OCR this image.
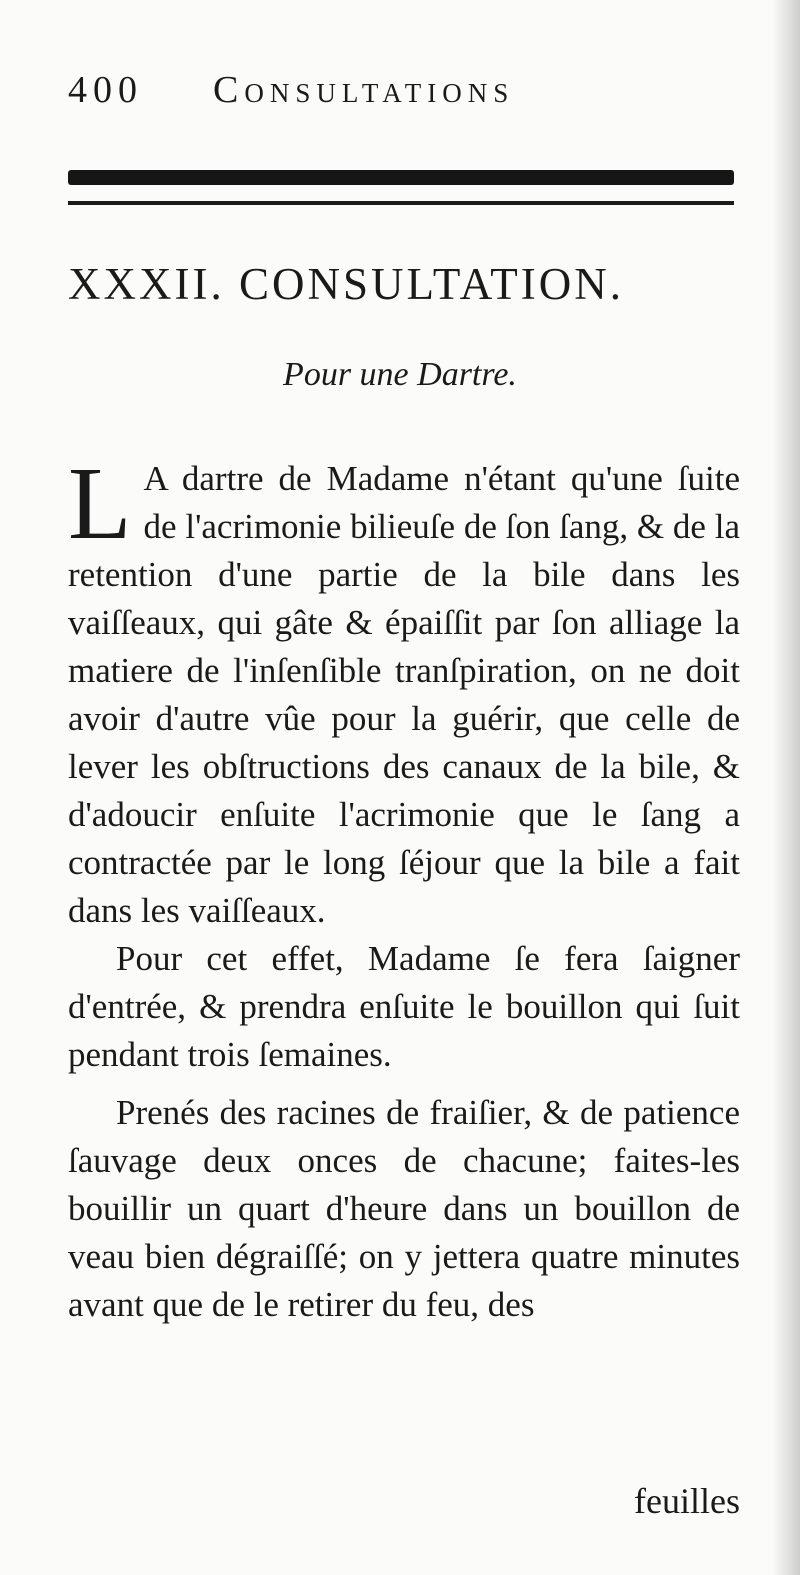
400 Consultations
XXXII. CONSULTATION.
Pour une Dartre.

L A dartre de Madame n'étant qu'une ſuite de l'acrimonie bilieuſe de ſon ſang, & de la retention d'une partie de la bile dans les vaiſſeaux, qui gâte & épaiſſit par ſon alliage la matiere de l'inſenſible tranſpiration, on ne doit avoir d'autre vûe pour la guérir, que celle de lever les obſtructions des canaux de la bile, & d'adoucir enſuite l'acrimonie que le ſang a contractée par le long ſéjour que la bile a fait dans les vaiſſeaux.

Pour cet effet, Madame ſe fera ſaigner d'entrée, & prendra enſuite le bouillon qui ſuit pendant trois ſemaines.

Prenés des racines de fraiſier, & de patience ſauvage deux onces de chacune; faites-les bouillir un quart d'heure dans un bouillon de veau bien dégraiſſé; on y jettera quatre minutes avant que de le retirer du feu, des

feuilles
